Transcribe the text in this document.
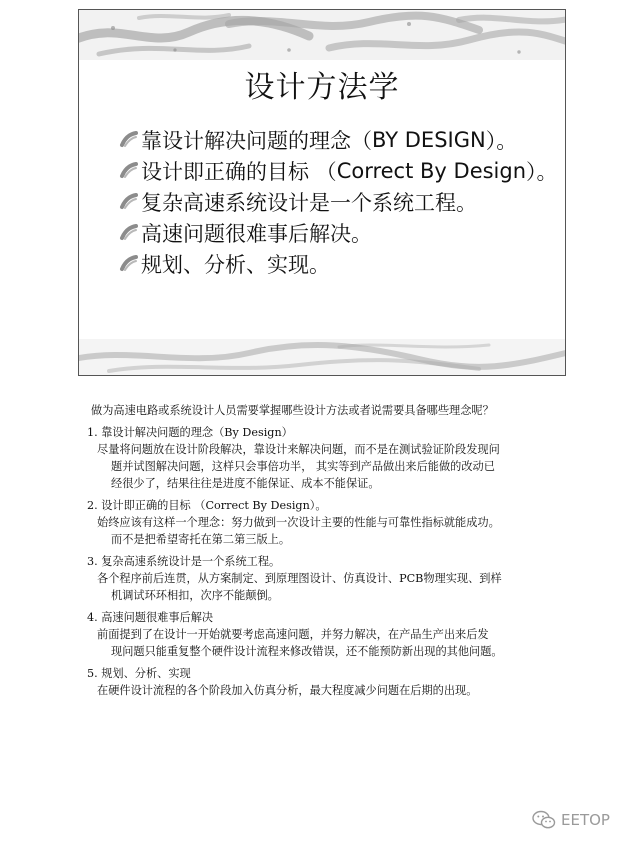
设计方法学
靠设计解决问题的理念（ BY DESIGN ）。
设计即正确的目标 （ Correct By Design ）。
复杂高速系统设计是一个系统工程。
高速问题很难事后解决。
规划、分析、实现。
做为高速电路或系统设计人员需要掌握哪些设计方法或者说需要具备哪些理念呢？
1. 靠设计解决问题的理念（By Design）
尽量将问题放在设计阶段解决，靠设计来解决问题，而不是在测试验证阶段发现问
题并试图解决问题，这样只会事倍功半， 其实等到产品做出来后能做的改动已
经很少了，结果往往是进度不能保证、成本不能保证。
2. 设计即正确的目标 （Correct By Design）。
始终应该有这样一个理念：努力做到一次设计主要的性能与可靠性指标就能成功。
而不是把希望寄托在第二第三版上。
3. 复杂高速系统设计是一个系统工程。
各个程序前后连贯，从方案制定、到原理图设计、仿真设计、PCB物理实现、到样
机调试环环相扣，次序不能颠倒。
4. 高速问题很难事后解决
前面提到了在设计一开始就要考虑高速问题，并努力解决，在产品生产出来后发
现问题只能重复整个硬件设计流程来修改错误，还不能预防新出现的其他问题。
5. 规划、分析、实现
在硬件设计流程的各个阶段加入仿真分析，最大程度减少问题在后期的出现。
EETOP
